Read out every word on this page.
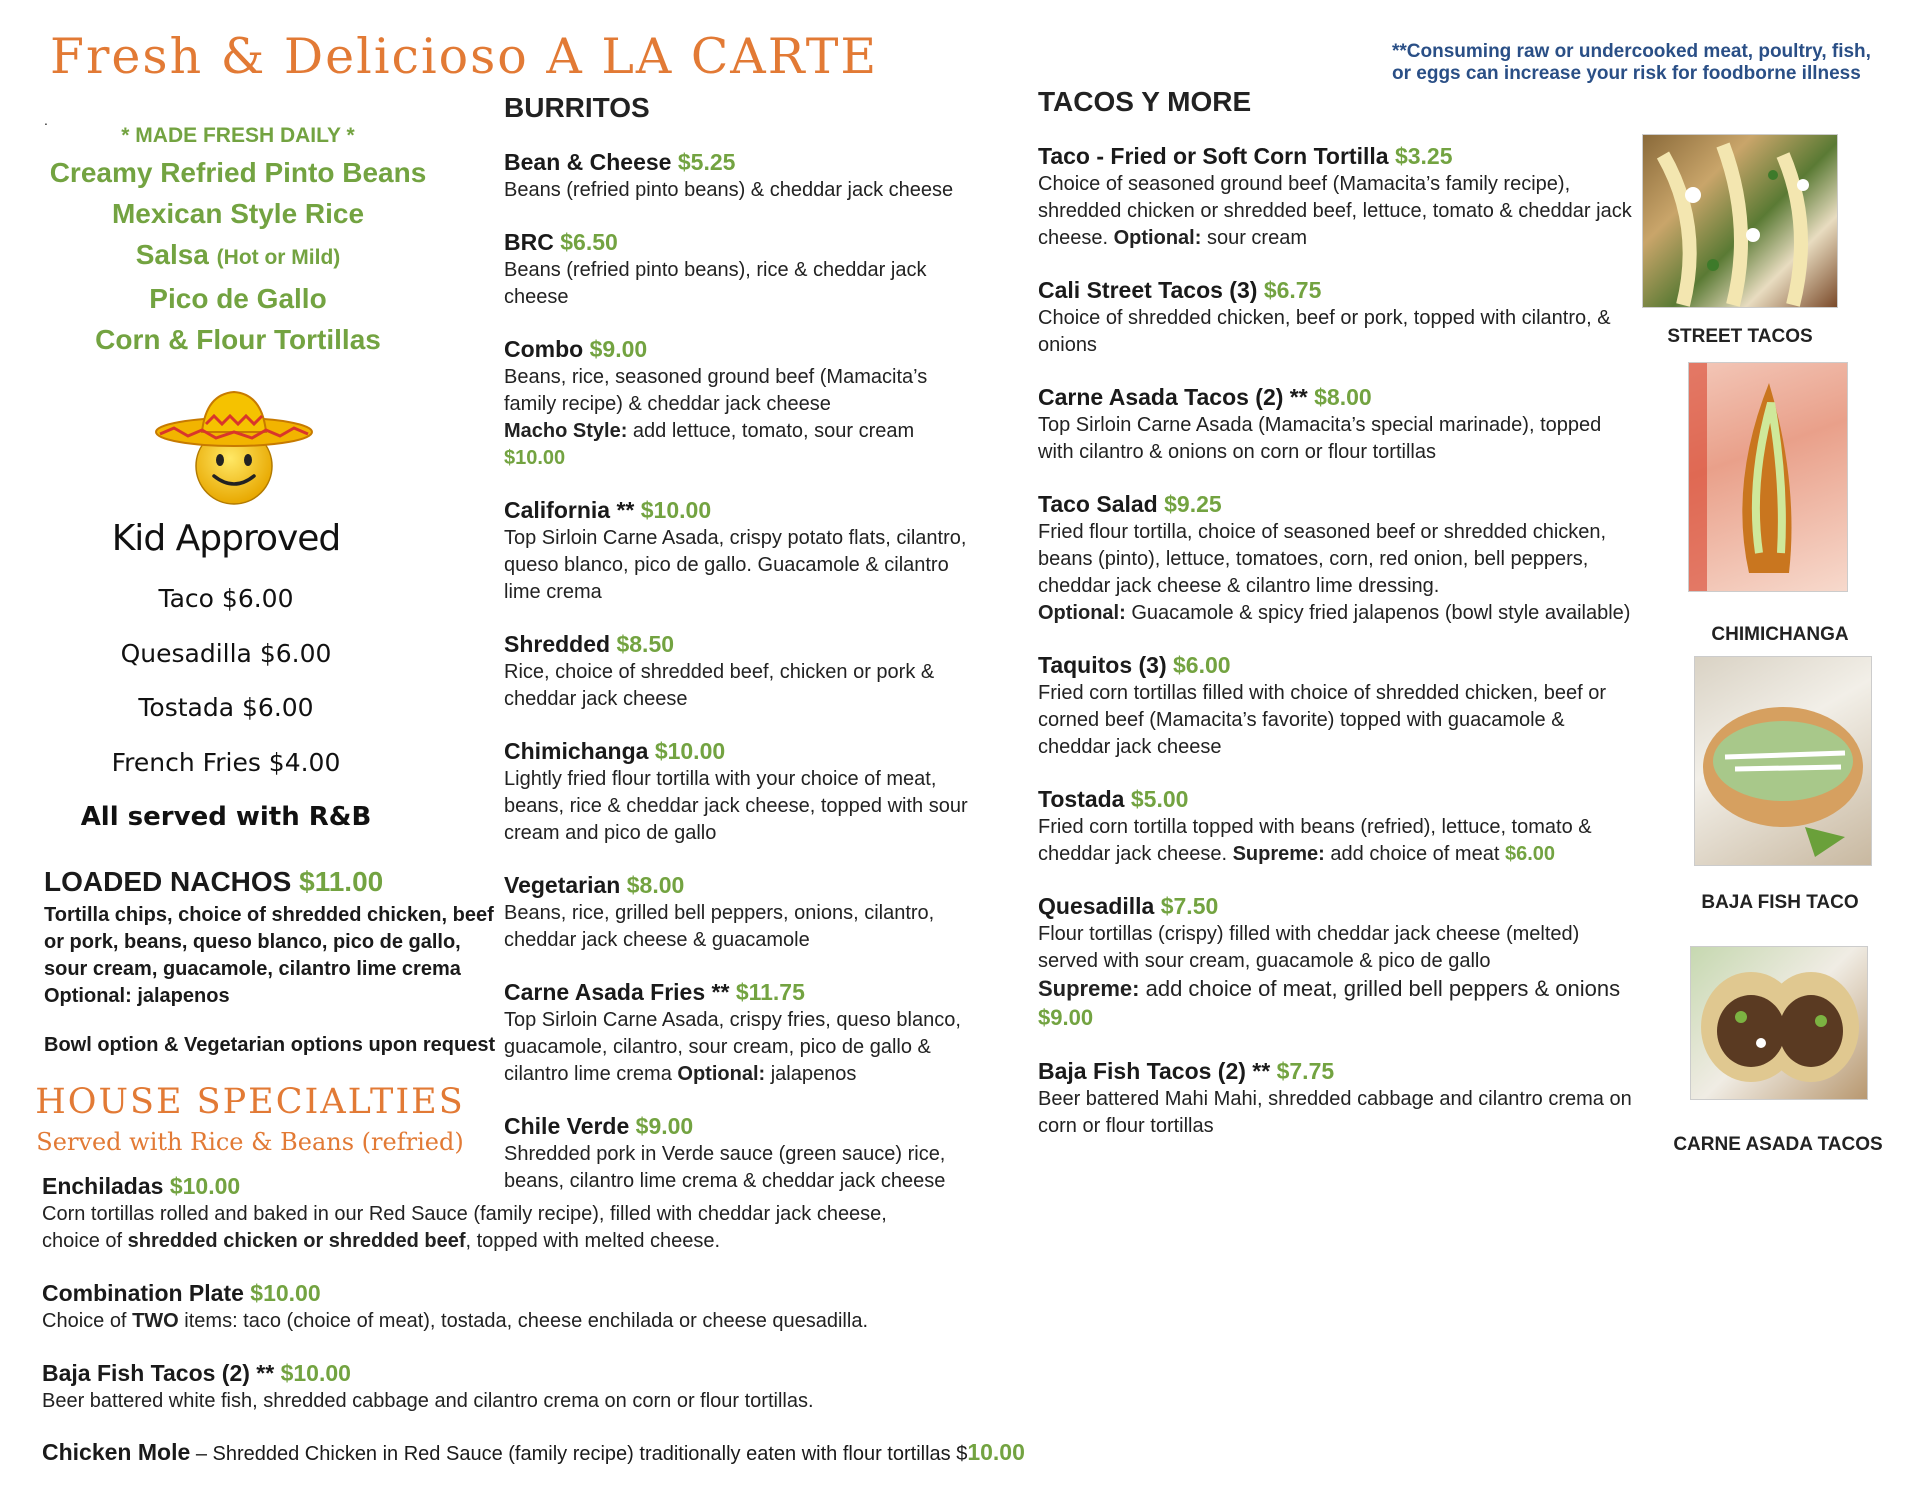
Fresh & Delicioso A LA CARTE	**Consuming raw or undercooked meat, poultry, fish, or eggs can increase your risk for foodborne illness
.
* MADE FRESH DAILY *
Creamy Refried Pinto Beans
Mexican Style Rice
Salsa (Hot or Mild)
Pico de Gallo
Corn & Flour Tortillas
Kid Approved
Taco $6.00
Quesadilla $6.00
Tostada $6.00
French Fries $4.00
All served with R&B
LOADED NACHOS $11.00
Tortilla chips, choice of shredded chicken, beef or pork, beans, queso blanco, pico de gallo, sour cream, guacamole, cilantro lime crema Optional: jalapenos
Bowl option & Vegetarian options upon request
HOUSE SPECIALTIES
Served with Rice & Beans (refried)
Enchiladas $10.00
Corn tortillas rolled and baked in our Red Sauce (family recipe), filled with cheddar jack cheese,
choice of shredded chicken or shredded beef, topped with melted cheese.
Combination Plate $10.00
Choice of TWO items: taco (choice of meat), tostada, cheese enchilada or cheese quesadilla.
Baja Fish Tacos (2) ** $10.00
Beer battered white fish, shredded cabbage and cilantro crema on corn or flour tortillas.
Chicken Mole – Shredded Chicken in Red Sauce (family recipe) traditionally eaten with flour tortillas $10.00
BURRITOS
Bean & Cheese $5.25
Beans (refried pinto beans) & cheddar jack cheese
BRC $6.50
Beans (refried pinto beans), rice & cheddar jack cheese
Combo $9.00
Beans, rice, seasoned ground beef (Mamacita’s family recipe) & cheddar jack cheese
Macho Style: add lettuce, tomato, sour cream
$10.00
California ** $10.00
Top Sirloin Carne Asada, crispy potato flats, cilantro, queso blanco, pico de gallo. Guacamole & cilantro lime crema
Shredded $8.50
Rice, choice of shredded beef, chicken or pork & cheddar jack cheese
Chimichanga $10.00
Lightly fried flour tortilla with your choice of meat, beans, rice & cheddar jack cheese, topped with sour cream and pico de gallo
Vegetarian $8.00
Beans, rice, grilled bell peppers, onions, cilantro, cheddar jack cheese & guacamole
Carne Asada Fries ** $11.75
Top Sirloin Carne Asada, crispy fries, queso blanco, guacamole, cilantro, sour cream, pico de gallo & cilantro lime crema Optional: jalapenos
Chile Verde $9.00
Shredded pork in Verde sauce (green sauce) rice, beans, cilantro lime crema & cheddar jack cheese
TACOS Y MORE
Taco - Fried or Soft Corn Tortilla $3.25
Choice of seasoned ground beef (Mamacita’s family recipe), shredded chicken or shredded beef, lettuce, tomato & cheddar jack cheese. Optional: sour cream
Cali Street Tacos (3) $6.75
Choice of shredded chicken, beef or pork, topped with cilantro, & onions
Carne Asada Tacos (2) ** $8.00
Top Sirloin Carne Asada (Mamacita’s special marinade), topped with cilantro & onions on corn or flour tortillas
Taco Salad $9.25
Fried flour tortilla, choice of seasoned beef or shredded chicken, beans (pinto), lettuce, tomatoes, corn, red onion, bell peppers, cheddar jack cheese & cilantro lime dressing.
Optional: Guacamole & spicy fried jalapenos (bowl style available)
Taquitos (3) $6.00
Fried corn tortillas filled with choice of shredded chicken, beef or corned beef (Mamacita’s favorite) topped with guacamole & cheddar jack cheese
Tostada $5.00
Fried corn tortilla topped with beans (refried), lettuce, tomato & cheddar jack cheese. Supreme: add choice of meat $6.00
Quesadilla $7.50
Flour tortillas (crispy) filled with cheddar jack cheese (melted) served with sour cream, guacamole & pico de gallo
Supreme: add choice of meat, grilled bell peppers & onions
$9.00
Baja Fish Tacos (2) ** $7.75
Beer battered Mahi Mahi, shredded cabbage and cilantro crema on corn or flour tortillas
STREET TACOS
CHIMICHANGA
BAJA FISH TACO
CARNE ASADA TACOS
